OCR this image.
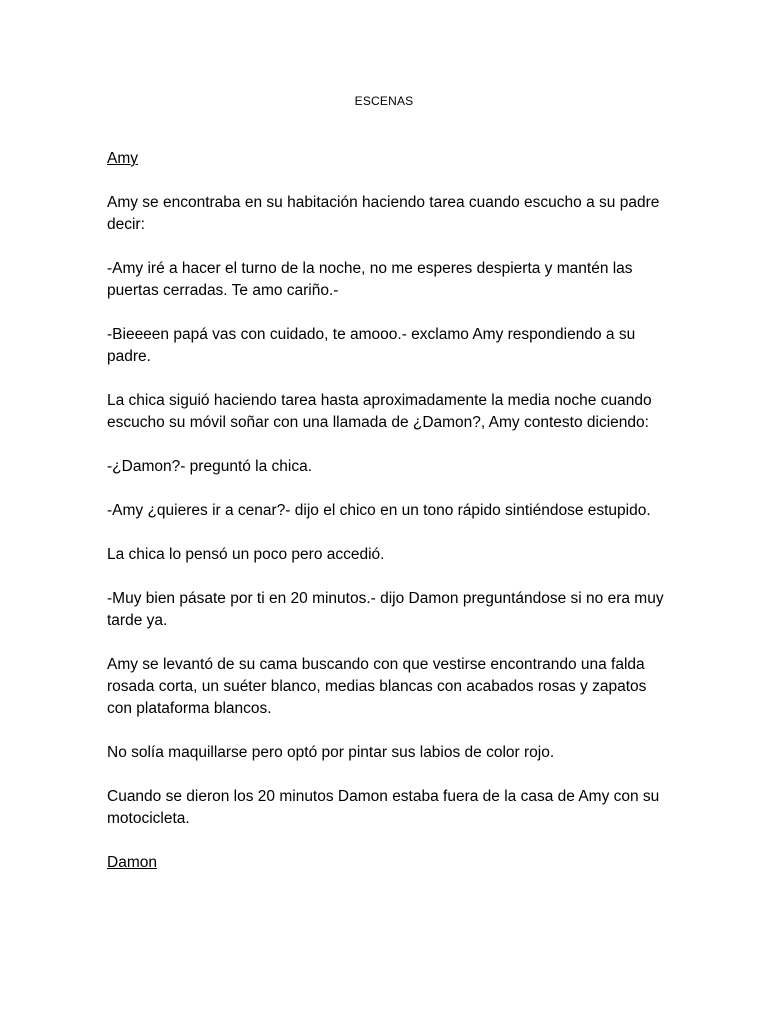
ESCENAS

Amy

Amy se encontraba en su habitación haciendo tarea cuando escucho a su padre decir:

-Amy iré a hacer el turno de la noche, no me esperes despierta y mantén las puertas cerradas. Te amo cariño.-

-Bieeeen papá vas con cuidado, te amooo.- exclamo Amy respondiendo a su padre.

La chica siguió haciendo tarea hasta aproximadamente la media noche cuando escucho su móvil soñar con una llamada de ¿Damon?, Amy contesto diciendo:

-¿Damon?- preguntó la chica.

-Amy ¿quieres ir a cenar?- dijo el chico en un tono rápido sintiéndose estupido.

La chica lo pensó un poco pero accedió.

-Muy bien pásate por ti en 20 minutos.- dijo Damon preguntándose si no era muy tarde ya.

Amy se levantó de su cama buscando con que vestirse encontrando una falda rosada corta, un suéter blanco, medias blancas con acabados rosas y zapatos con plataforma blancos.

No solía maquillarse pero optó por pintar sus labios de color rojo.

Cuando se dieron los 20 minutos Damon estaba fuera de la casa de Amy con su motocicleta.

Damon
